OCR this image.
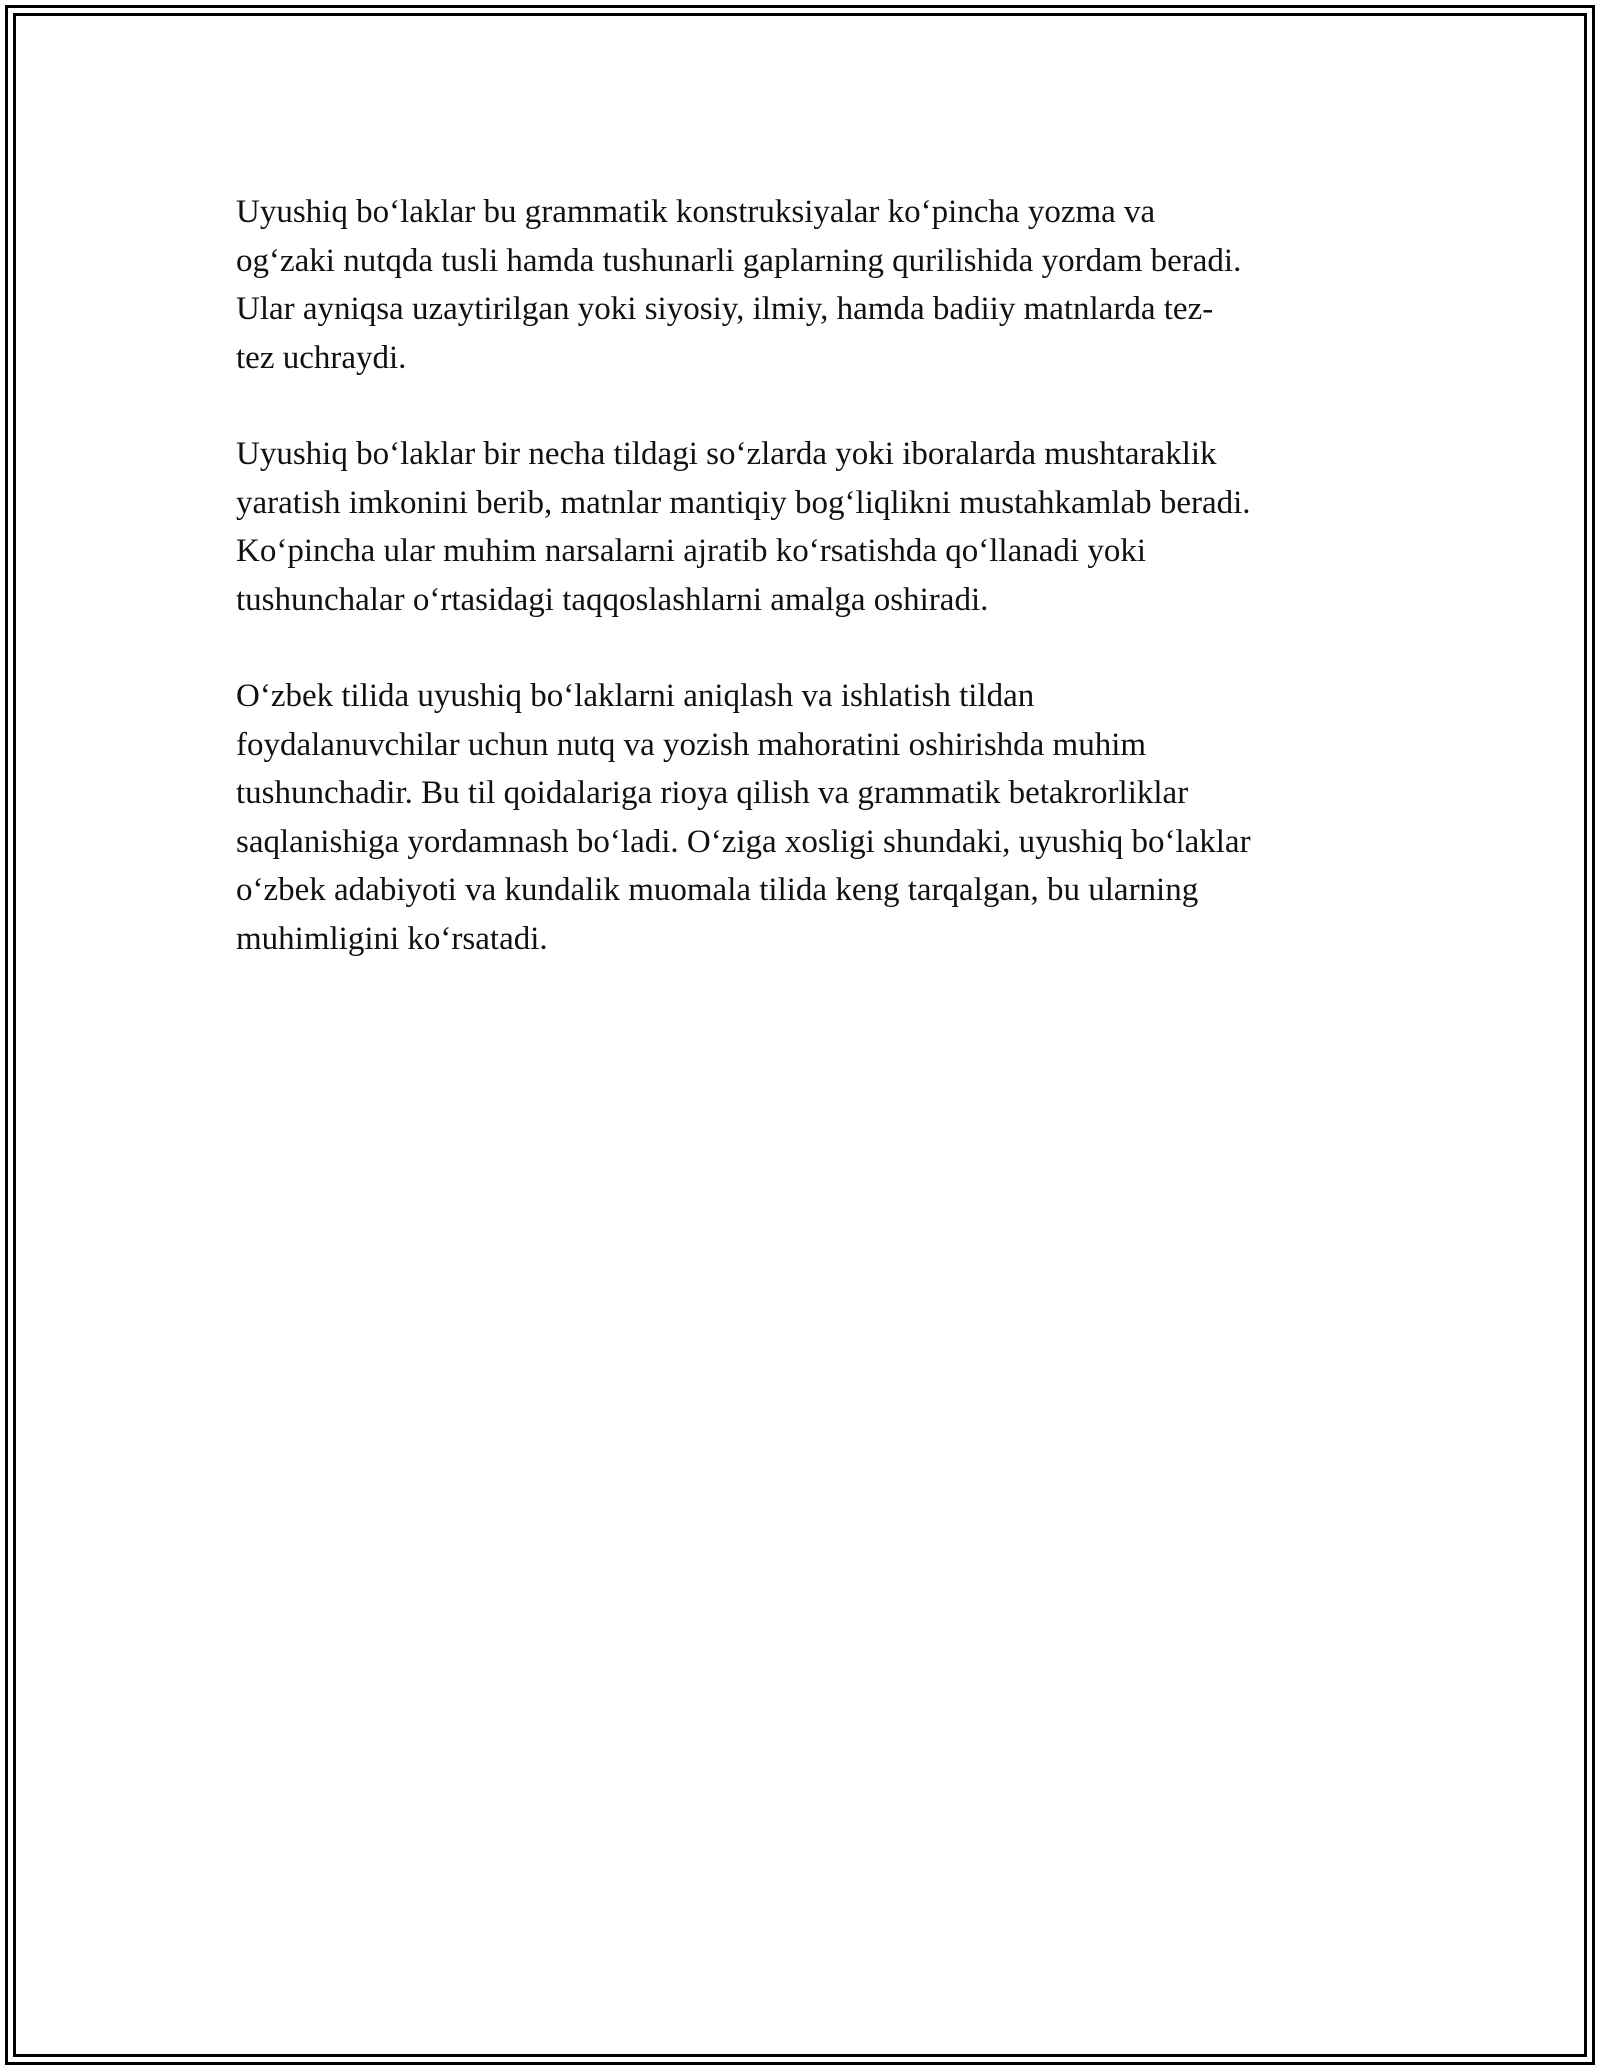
Uyushiq bo‘laklar bu grammatik konstruksiyalar ko‘pincha yozma va
og‘zaki nutqda tusli hamda tushunarli gaplarning qurilishida yordam beradi.
Ular ayniqsa uzaytirilgan yoki siyosiy, ilmiy, hamda badiiy matnlarda tez-
tez uchraydi.

Uyushiq bo‘laklar bir necha tildagi so‘zlarda yoki iboralarda mushtaraklik
yaratish imkonini berib, matnlar mantiqiy bog‘liqlikni mustahkamlab beradi.
Ko‘pincha ular muhim narsalarni ajratib ko‘rsatishda qo‘llanadi yoki
tushunchalar o‘rtasidagi taqqoslashlarni amalga oshiradi.

O‘zbek tilida uyushiq bo‘laklarni aniqlash va ishlatish tildan
foydalanuvchilar uchun nutq va yozish mahoratini oshirishda muhim
tushunchadir. Bu til qoidalariga rioya qilish va grammatik betakrorliklar
saqlanishiga yordamnash bo‘ladi. O‘ziga xosligi shundaki, uyushiq bo‘laklar
o‘zbek adabiyoti va kundalik muomala tilida keng tarqalgan, bu ularning
muhimligini ko‘rsatadi.
